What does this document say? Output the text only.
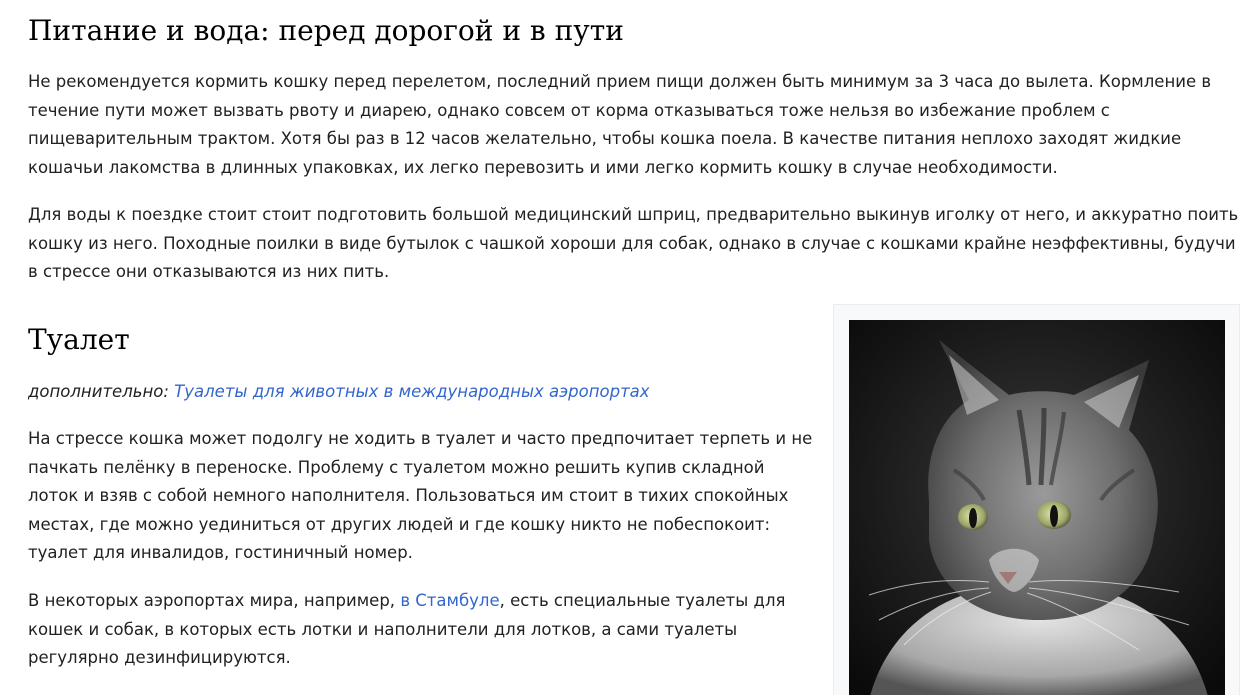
Питание и вода: перед дорогой и в пути

Не рекомендуется кормить кошку перед перелетом, последний прием пищи должен быть минимум за 3 часа до вылета. Кормление в течение пути может вызвать рвоту и диарею, однако совсем от корма отказываться тоже нельзя во избежание проблем с пищеварительным трактом. Хотя бы раз в 12 часов желательно, чтобы кошка поела. В качестве питания неплохо заходят жидкие кошачьи лакомства в длинных упаковках, их легко перевозить и ими легко кормить кошку в случае необходимости.

Для воды к поездке стоит стоит подготовить большой медицинский шприц, предварительно выкинув иголку от него, и аккуратно поить кошку из него. Походные поилки в виде бутылок с чашкой хороши для собак, однако в случае с кошками крайне неэффективны, будучи в стрессе они отказываются из них пить.

Туалет

дополнительно: Туалеты для животных в международных аэропортах

На стрессе кошка может подолгу не ходить в туалет и часто предпочитает терпеть и не пачкать пелёнку в переноске. Проблему с туалетом можно решить купив складной лоток и взяв с собой немного наполнителя. Пользоваться им стоит в тихих спокойных местах, где можно уединиться от других людей и где кошку никто не побеспокоит: туалет для инвалидов, гостиничный номер.

В некоторых аэропортах мира, например, в Стамбуле, есть специальные туалеты для кошек и собак, в которых есть лотки и наполнители для лотков, а сами туалеты регулярно дезинфицируются.
